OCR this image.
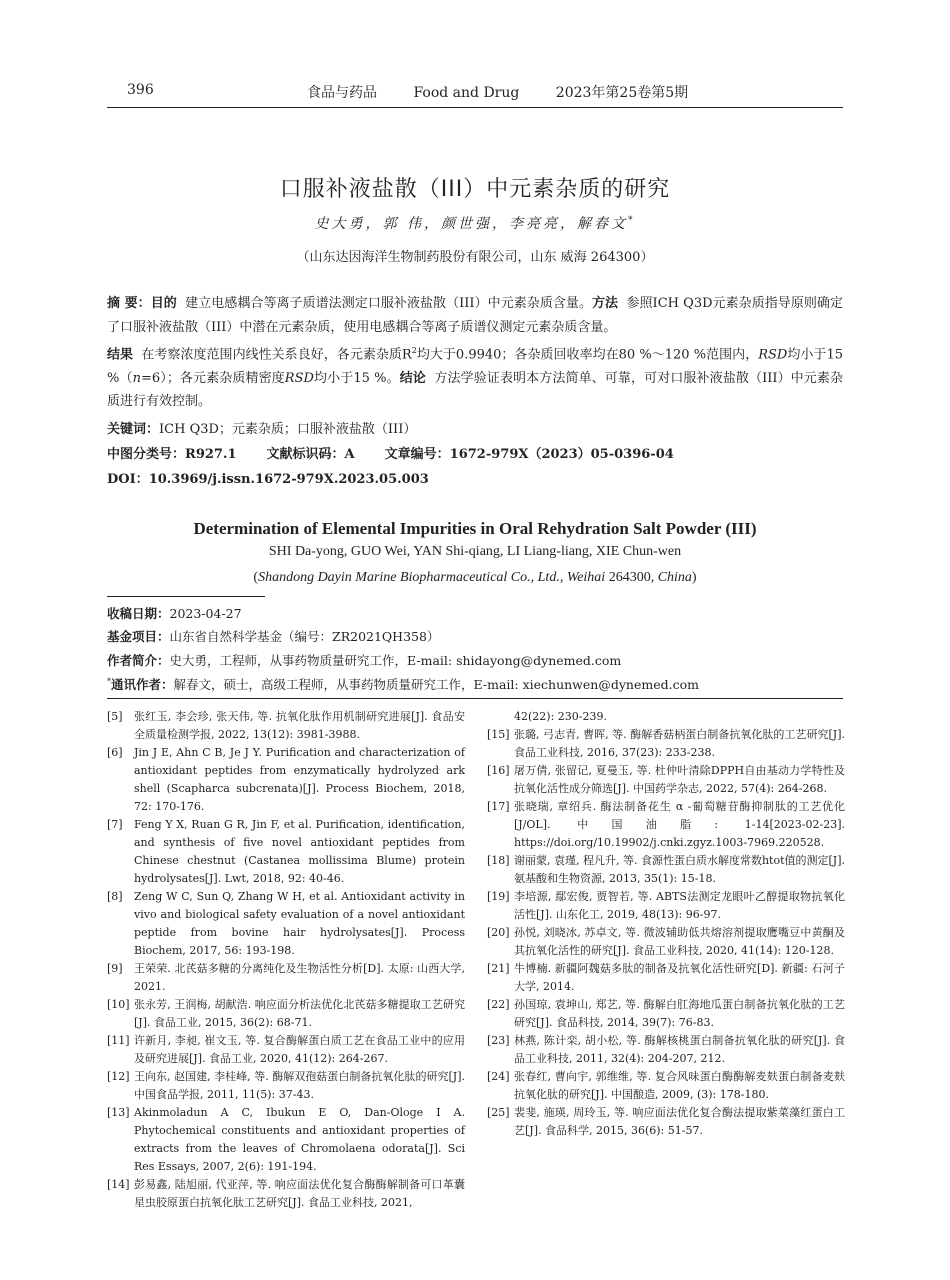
396	食品与药品	Food and Drug	2023年第25卷第5期
口服补液盐散（III）中元素杂质的研究
史大勇，郭 伟，颜世强，李亮亮，解春文*
（山东达因海洋生物制药股份有限公司，山东 威海 264300）
摘 要：目的 建立电感耦合等离子质谱法测定口服补液盐散（III）中元素杂质含量。方法 参照ICH Q3D元素杂质指导原则确定了口服补液盐散（III）中潜在元素杂质，使用电感耦合等离子质谱仪测定元素杂质含量。
结果 在考察浓度范围内线性关系良好，各元素杂质$R^2$均大于0.9940；各杂质回收率均在80 %～120 %范围内，RSD均小于15 %（n=6）；各元素杂质精密度RSD均小于15 %。结论 方法学验证表明本方法简单、可靠，可对口服补液盐散（III）中元素杂质进行有效控制。
关键词：ICH Q3D；元素杂质；口服补液盐散（III）
中图分类号：R927.1 文献标识码：A 文章编号：1672-979X（2023）05-0396-04
DOI：10.3969/j.issn.1672-979X.2023.05.003
Determination of Elemental Impurities in Oral Rehydration Salt Powder (III)
SHI Da-yong, GUO Wei, YAN Shi-qiang, LI Liang-liang, XIE Chun-wen
(Shandong Dayin Marine Biopharmaceutical Co., Ltd., Weihai 264300, China)
收稿日期：2023-04-27
基金项目：山东省自然科学基金（编号：ZR2021QH358）
作者简介：史大勇，工程师，从事药物质量研究工作，E-mail: shidayong@dynemed.com
*通讯作者：解春文，硕士，高级工程师，从事药物质量研究工作，E-mail: xiechunwen@dynemed.com
[5] 张红玉, 李会珍, 张天伟, 等. 抗氧化肽作用机制研究进展[J]. 食品安全质量检测学报, 2022, 13(12): 3981-3988.
[6] Jin J E, Ahn C B, Je J Y. Purification and characterization of antioxidant peptides from enzymatically hydrolyzed ark shell (Scapharca subcrenata)[J]. Process Biochem, 2018, 72: 170-176.
[7] Feng Y X, Ruan G R, Jin F, et al. Purification, identification, and synthesis of five novel antioxidant peptides from Chinese chestnut (Castanea mollissima Blume) protein hydrolysates[J]. Lwt, 2018, 92: 40-46.
[8] Zeng W C, Sun Q, Zhang W H, et al. Antioxidant activity in vivo and biological safety evaluation of a novel antioxidant peptide from bovine hair hydrolysates[J]. Process Biochem, 2017, 56: 193-198.
[9] 王荣荣. 北芪菇多糖的分离纯化及生物活性分析[D]. 太原: 山西大学, 2021.
[10] 张永芳, 王润梅, 胡献浩. 响应面分析法优化北芪菇多糖提取工艺研究[J]. 食品工业, 2015, 36(2): 68-71.
[11] 许新月, 李昶, 崔文玉, 等. 复合酶解蛋白质工艺在食品工业中的应用及研究进展[J]. 食品工业, 2020, 41(12): 264-267.
[12] 王向东, 赵国建, 李桂峰, 等. 酶解双孢菇蛋白制备抗氧化肽的研究[J]. 中国食品学报, 2011, 11(5): 37-43.
[13] Akinmoladun A C, Ibukun E O, Dan-Ologe I A. Phytochemical constituents and antioxidant properties of extracts from the leaves of Chromolaena odorata[J]. Sci Res Essays, 2007, 2(6): 191-194.
[14] 彭易鑫, 陆旭丽, 代亚萍, 等. 响应面法优化复合酶酶解制备可口革囊星虫胶原蛋白抗氧化肽工艺研究[J]. 食品工业科技, 2021,
42(22): 230-239.
[15] 张璐, 弓志青, 曹晖, 等. 酶解香菇柄蛋白制备抗氧化肽的工艺研究[J]. 食品工业科技, 2016, 37(23): 233-238.
[16] 屠万倩, 张留记, 夏曼玉, 等. 杜仲叶清除DPPH自由基动力学特性及抗氧化活性成分筛选[J]. 中国药学杂志, 2022, 57(4): 264-268.
[17] 张晓瑞, 章绍兵. 酶法制备花生 α -葡萄糖苷酶抑制肽的工艺优化[J/OL]. 中国油脂: 1-14[2023-02-23]. https://doi.org/10.19902/j.cnki.zgyz.1003-7969.220528.
[18] 谢丽蒙, 袁瑾, 程凡升, 等. 食源性蛋白质水解度常数htot值的测定[J]. 氨基酸和生物资源, 2013, 35(1): 15-18.
[19] 李培源, 鄢宏俊, 贾智若, 等. ABTS法测定龙眼叶乙醇提取物抗氧化活性[J]. 山东化工, 2019, 48(13): 96-97.
[20] 孙悦, 刘晓冰, 苏卓文, 等. 微波辅助低共熔溶剂提取鹰嘴豆中黄酮及其抗氧化活性的研究[J]. 食品工业科技, 2020, 41(14): 120-128.
[21] 牛博楠. 新疆阿魏菇多肽的制备及抗氧化活性研究[D]. 新疆: 石河子大学, 2014.
[22] 孙国琼, 袁坤山, 郑艺, 等. 酶解白肛海地瓜蛋白制备抗氧化肽的工艺研究[J]. 食品科技, 2014, 39(7): 76-83.
[23] 林燕, 陈计栾, 胡小松, 等. 酶解核桃蛋白制备抗氧化肽的研究[J]. 食品工业科技, 2011, 32(4): 204-207, 212.
[24] 张春红, 曹向宇, 郭维维, 等. 复合风味蛋白酶酶解麦麸蛋白制备麦麸抗氧化肽的研究[J]. 中国酿造, 2009, (3): 178-180.
[25] 裴斐, 施瑛, 周玲玉, 等. 响应面法优化复合酶法提取紫菜藻红蛋白工艺[J]. 食品科学, 2015, 36(6): 51-57.
